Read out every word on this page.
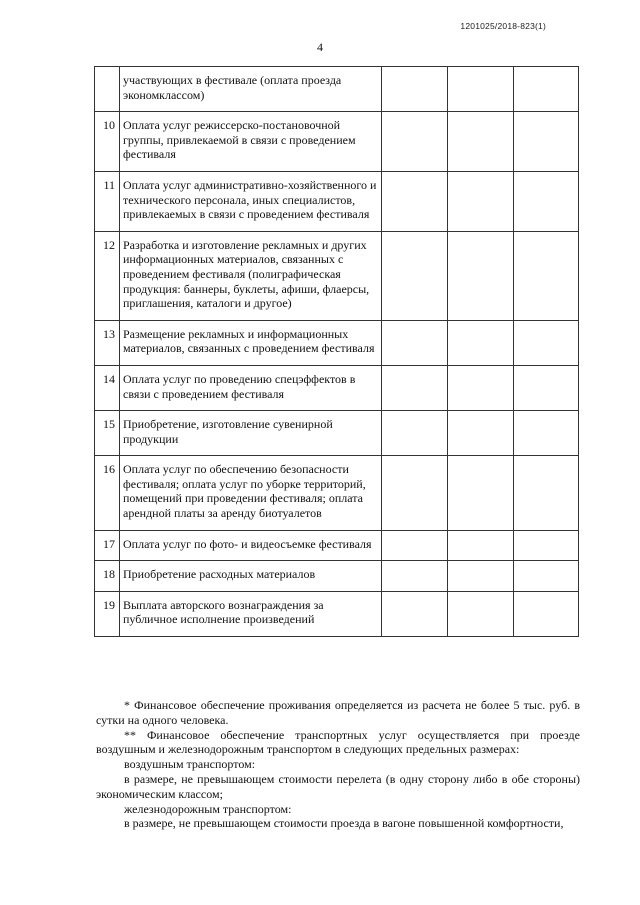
1201025/2018-823(1)
4
	участвующих в фестивале (оплата проезда экономклассом)			
10	Оплата услуг режиссерско-постановочной группы, привлекаемой в связи с проведением фестиваля			
11	Оплата услуг административно-хозяйственного и технического персонала, иных специалистов, привлекаемых в связи с проведением фестиваля			
12	Разработка и изготовление рекламных и других информационных материалов, связанных с проведением фестиваля (полиграфическая продукция: баннеры, буклеты, афиши, флаерсы, приглашения, каталоги и другое)			
13	Размещение рекламных и информационных материалов, связанных с проведением фестиваля			
14	Оплата услуг по проведению спецэффектов в связи с проведением фестиваля			
15	Приобретение, изготовление сувенирной продукции			
16	Оплата услуг по обеспечению безопасности фестиваля; оплата услуг по уборке территорий, помещений при проведении фестиваля; оплата арендной платы за аренду биотуалетов			
17	Оплата услуг по фото- и видеосъемке фестиваля			
18	Приобретение расходных материалов			
19	Выплата авторского вознаграждения за публичное исполнение произведений			

* Финансовое обеспечение проживания определяется из расчета не более 5 тыс. руб. в сутки на одного человека.

** Финансовое обеспечение транспортных услуг осуществляется при проезде воздушным и железнодорожным транспортом в следующих предельных размерах:

воздушным транспортом:

в размере, не превышающем стоимости перелета (в одну сторону либо в обе стороны) экономическим классом;

железнодорожным транспортом:

в размере, не превышающем стоимости проезда в вагоне повышенной комфортности,
